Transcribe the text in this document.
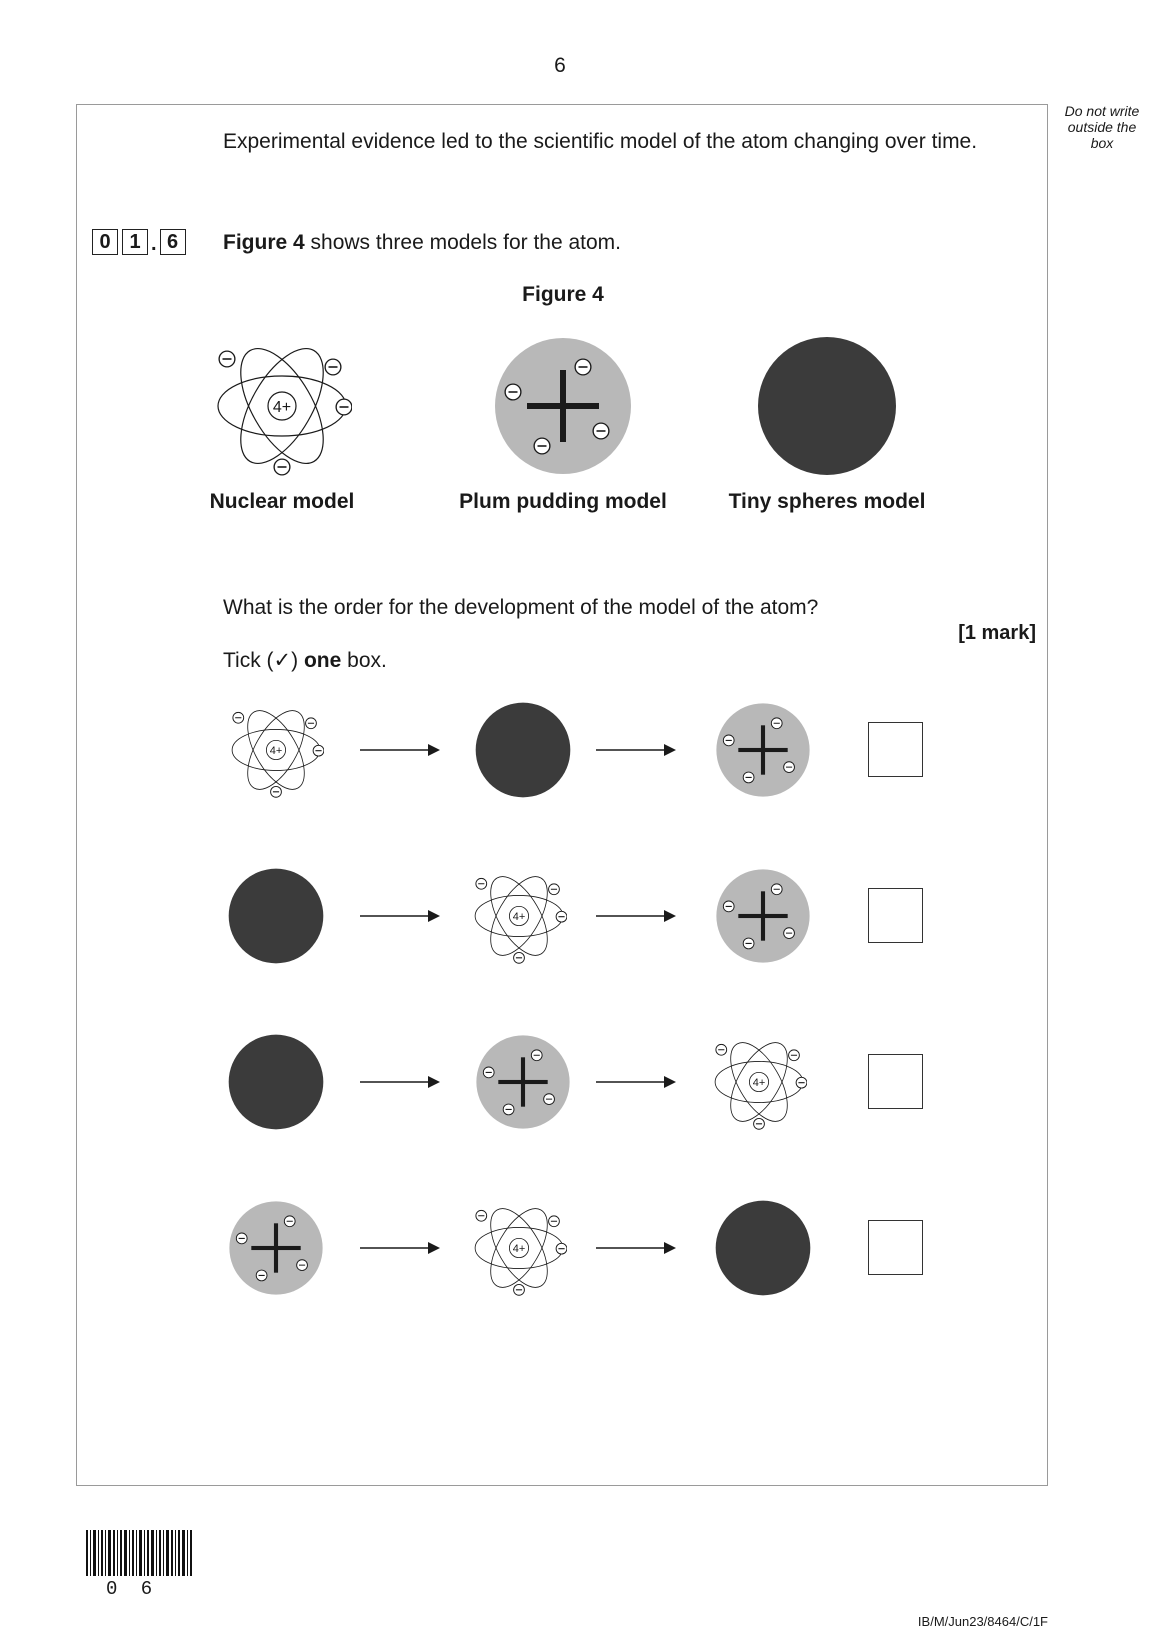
6
Do not write
outside the
box
Experimental evidence led to the scientific model of the atom changing over time.
0 1 . 6	Figure 4 shows three models for the atom.
Figure 4
Nuclear model	Plum pudding model	Tiny spheres model
What is the order for the development of the model of the atom?
[1 mark]
Tick (✓) one box.
0 6
IB/M/Jun23/8464/C/1F
